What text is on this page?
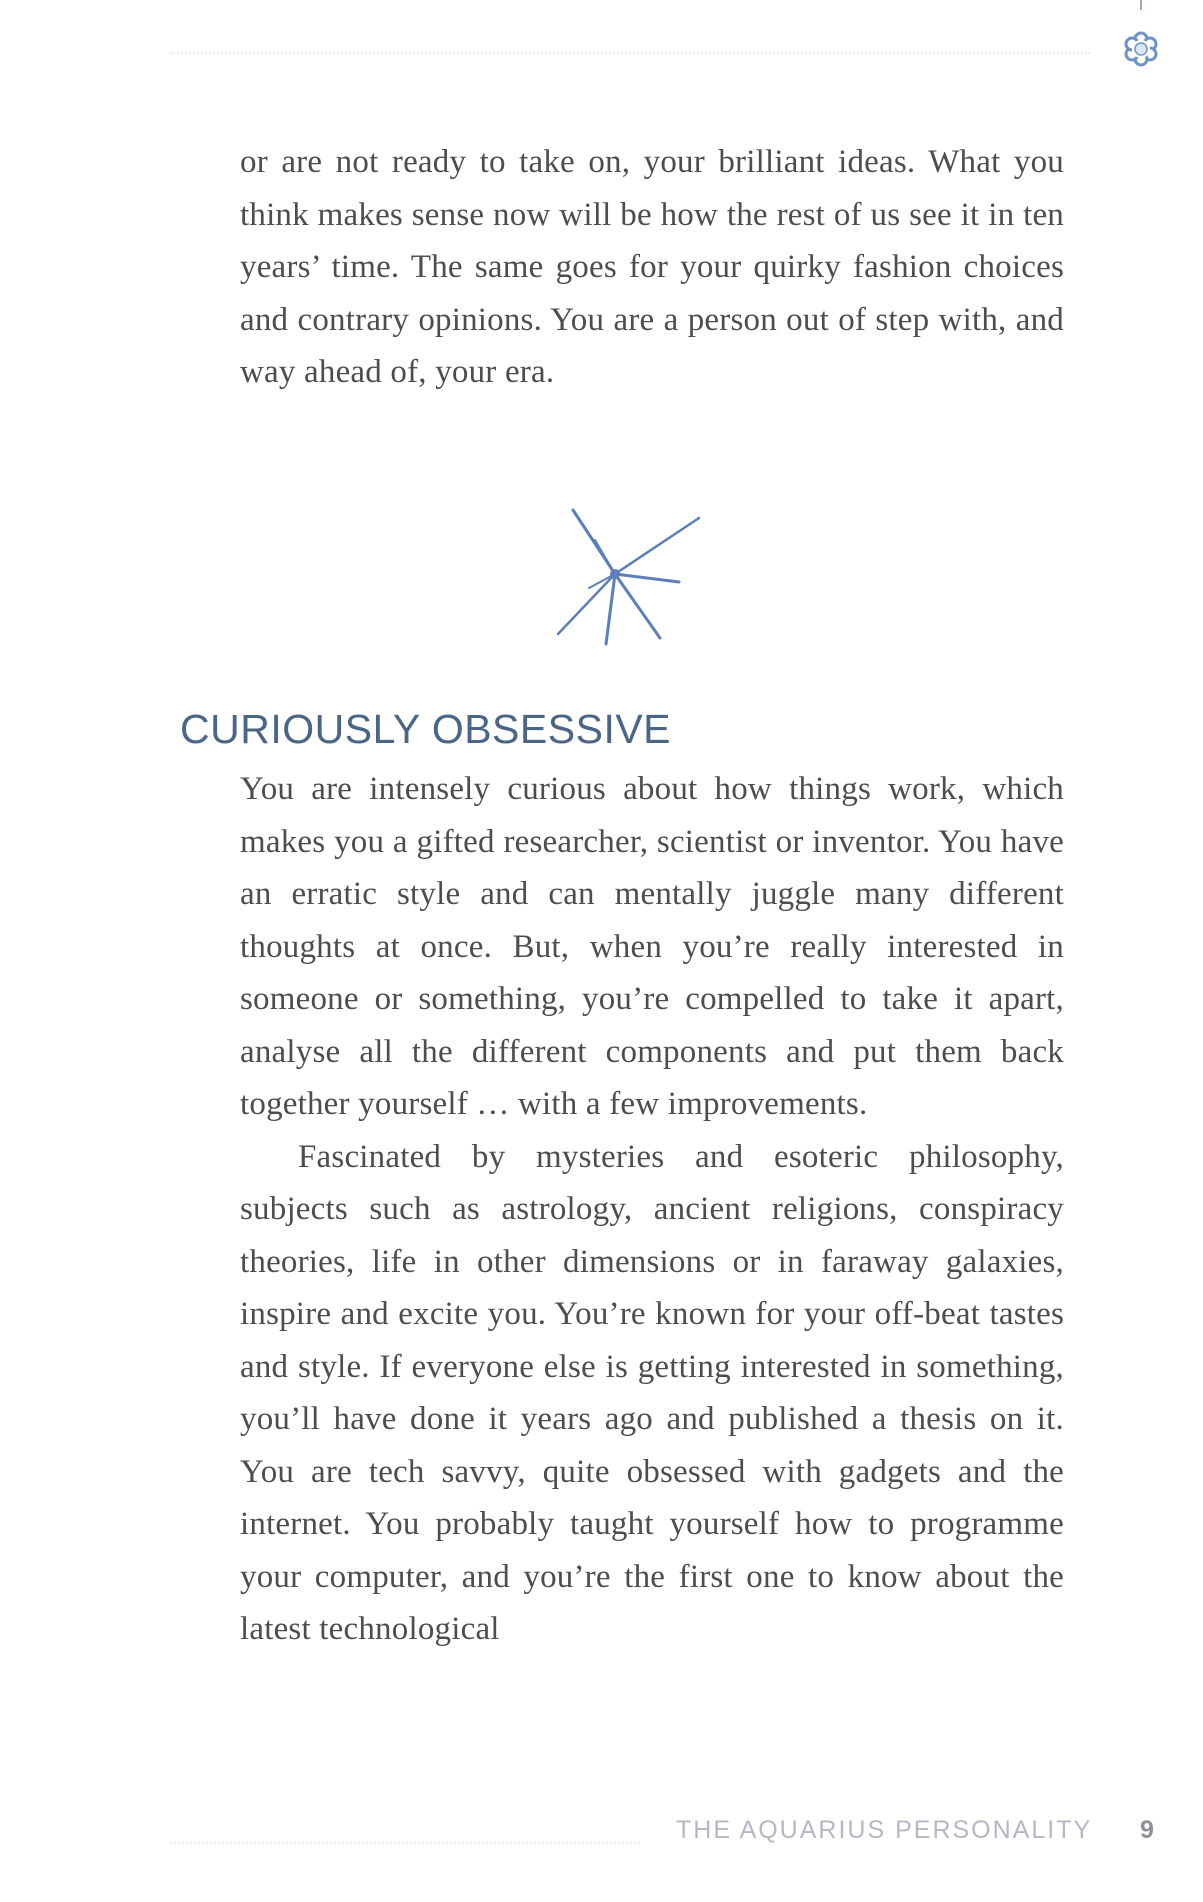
or are not ready to take on, your brilliant ideas. What you think makes sense now will be how the rest of us see it in ten years’ time. The same goes for your quirky fashion choices and contrary opinions. You are a person out of step with, and way ahead of, your era.

CURIOUSLY OBSESSIVE

You are intensely curious about how things work, which makes you a gifted researcher, scientist or inventor. You have an erratic style and can mentally juggle many different thoughts at once. But, when you’re really interested in someone or something, you’re compelled to take it apart, analyse all the different components and put them back together yourself … with a few improvements.

Fascinated by mysteries and esoteric philosophy, subjects such as astrology, ancient religions, conspiracy theories, life in other dimensions or in faraway galaxies, inspire and excite you. You’re known for your off-beat tastes and style. If everyone else is getting interested in something, you’ll have done it years ago and published a thesis on it. You are tech savvy, quite obsessed with gadgets and the internet. You probably taught yourself how to programme your computer, and you’re the first one to know about the latest technological

THE AQUARIUS PERSONALITY 9
